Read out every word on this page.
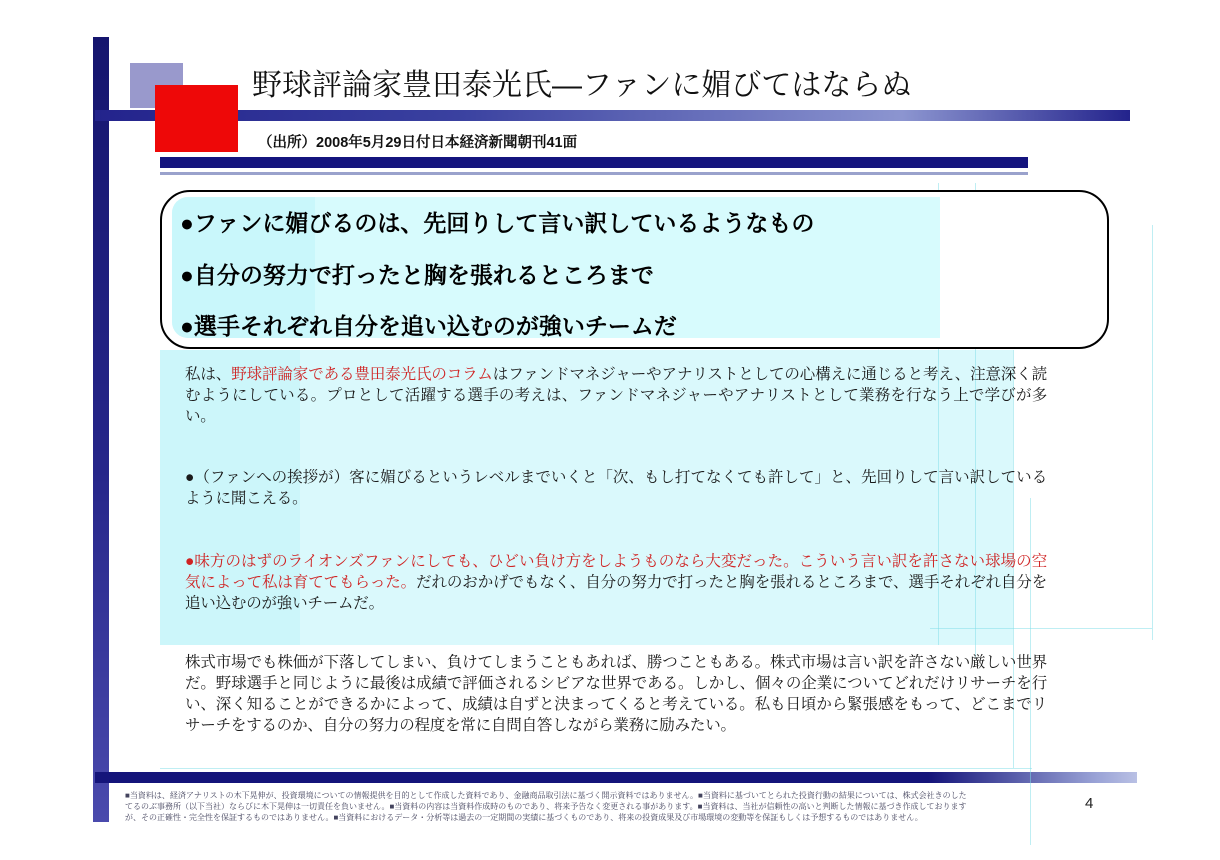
野球評論家豊田泰光氏―ファンに媚びてはならぬ
（出所）2008年5月29日付日本経済新聞朝刊41面
●ファンに媚びるのは、先回りして言い訳しているようなもの
●自分の努力で打ったと胸を張れるところまで
●選手それぞれ自分を追い込むのが強いチームだ
私は、野球評論家である豊田泰光氏のコラムはファンドマネジャーやアナリストとしての心構えに通じると考え、注意深く読むようにしている。プロとして活躍する選手の考えは、ファンドマネジャーやアナリストとして業務を行なう上で学びが多い。
●（ファンへの挨拶が）客に媚びるというレベルまでいくと「次、もし打てなくても許して」と、先回りして言い訳しているように聞こえる。
●味方のはずのライオンズファンにしても、ひどい負け方をしようものなら大変だった。こういう言い訳を許さない球場の空気によって私は育ててもらった。だれのおかげでもなく、自分の努力で打ったと胸を張れるところまで、選手それぞれ自分を追い込むのが強いチームだ。
株式市場でも株価が下落してしまい、負けてしまうこともあれば、勝つこともある。株式市場は言い訳を許さない厳しい世界だ。野球選手と同じように最後は成績で評価されるシビアな世界である。しかし、個々の企業についてどれだけリサーチを行い、深く知ることができるかによって、成績は自ずと決まってくると考えている。私も日頃から緊張感をもって、どこまでリサーチをするのか、自分の努力の程度を常に自問自答しながら業務に励みたい。
■当資料は、経済アナリストの木下晃伸が、投資環境についての情報提供を目的として作成した資料であり、金融商品取引法に基づく開示資料ではありません。■当資料に基づいてとられた投資行動の結果については、株式会社きのした
てるのぶ事務所（以下当社）ならびに木下晃伸は一切責任を負いません。■当資料の内容は当資料作成時のものであり、将来予告なく変更される事があります。■当資料は、当社が信頼性の高いと判断した情報に基づき作成しております
が、その正確性・完全性を保証するものではありません。■当資料におけるデータ・分析等は過去の一定期間の実績に基づくものであり、将来の投資成果及び市場環境の変動等を保証もしくは予想するものではありません。
4
